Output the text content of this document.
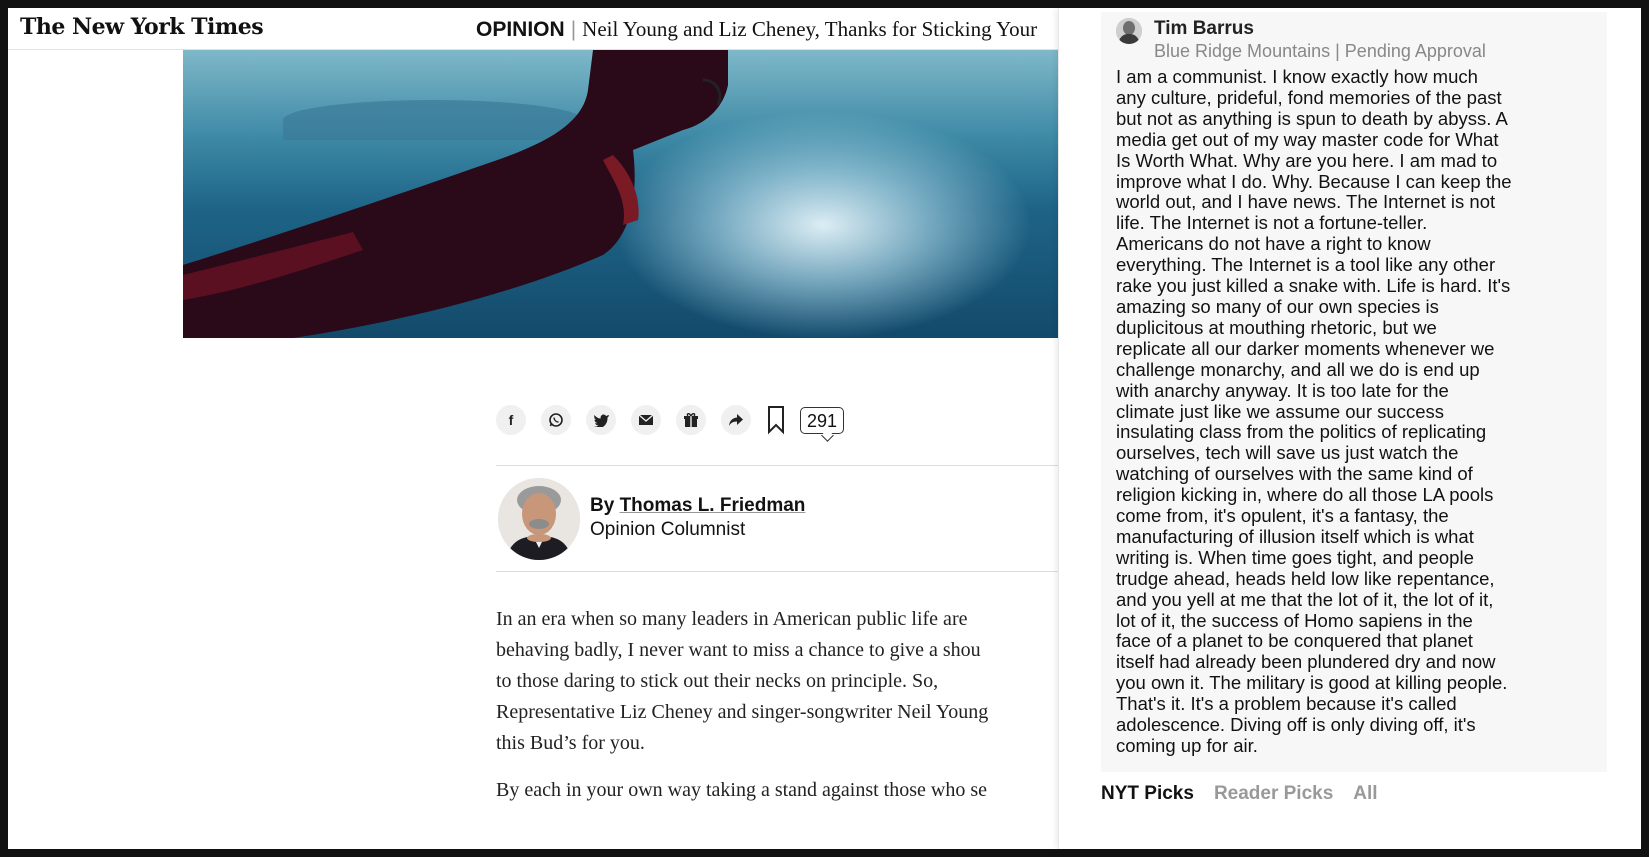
The New York Times	OPINION | Neil Young and Liz Cheney, Thanks for Sticking Your
f	291
By Thomas L. Friedman
Opinion Columnist

In an era when so many leaders in American public life are
behaving badly, I never want to miss a chance to give a shou
to those daring to stick out their necks on principle. So,
Representative Liz Cheney and singer-songwriter Neil Young
this Bud’s for you.

By each in your own way taking a stand against those who se

Tim Barrus
Blue Ridge Mountains | Pending Approval
I am a communist. I know exactly how much
any culture, prideful, fond memories of the past
but not as anything is spun to death by abyss. A
media get out of my way master code for What
Is Worth What. Why are you here. I am mad to
improve what I do. Why. Because I can keep the
world out, and I have news. The Internet is not
life. The Internet is not a fortune-teller.
Americans do not have a right to know
everything. The Internet is a tool like any other
rake you just killed a snake with. Life is hard. It's
amazing so many of our own species is
duplicitous at mouthing rhetoric, but we
replicate all our darker moments whenever we
challenge monarchy, and all we do is end up
with anarchy anyway. It is too late for the
climate just like we assume our success
insulating class from the politics of replicating
ourselves, tech will save us just watch the
watching of ourselves with the same kind of
religion kicking in, where do all those LA pools
come from, it's opulent, it's a fantasy, the
manufacturing of illusion itself which is what
writing is. When time goes tight, and people
trudge ahead, heads held low like repentance,
and you yell at me that the lot of it, the lot of it,
lot of it, the success of Homo sapiens in the
face of a planet to be conquered that planet
itself had already been plundered dry and now
you own it. The military is good at killing people.
That's it. It's a problem because it's called
adolescence. Diving off is only diving off, it's
coming up for air.
NYT Picks Reader Picks All
